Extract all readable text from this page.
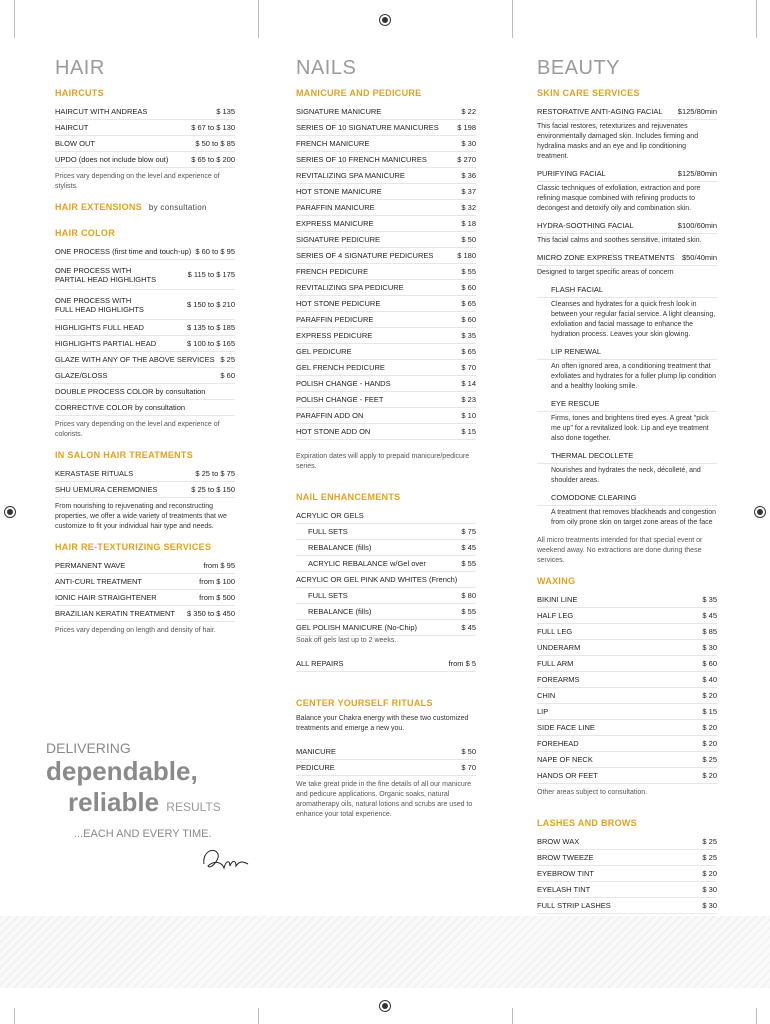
HAIR
HAIRCUTS
HAIRCUT WITH ANDREAS	$ 135
HAIRCUT	$ 67 to $ 130
BLOW OUT	$ 50 to $ 85
UPDO (does not include blow out)	$ 65 to $ 200
Prices vary depending on the level and experience of stylists.
HAIR EXTENSIONS by consultation
HAIR COLOR
ONE PROCESS (first time and touch-up) $ 60 to $ 95
ONE PROCESS WITH
PARTIAL HEAD HIGHLIGHTS	$ 115 to $ 175
ONE PROCESS WITH
FULL HEAD HIGHLIGHTS	$ 150 to $ 210
HIGHLIGHTS FULL HEAD	$ 135 to $ 185
HIGHLIGHTS PARTIAL HEAD	$ 100 to $ 165
GLAZE WITH ANY OF THE ABOVE SERVICES $ 25
GLAZE/GLOSS	$ 60
DOUBLE PROCESS COLOR by consultation
CORRECTIVE COLOR by consultation
Prices vary depending on the level and experience of colorists.
IN SALON HAIR TREATMENTS
KERASTASE RITUALS	$ 25 to $ 75
SHU UEMURA CEREMONIES	$ 25 to $ 150
From nourishing to rejuvenating and reconstructing properties, we offer a wide variety of treatments that we customize to fit your individual hair type and needs.
HAIR RE-TEXTURIZING SERVICES
PERMANENT WAVE	from $ 95
ANTI-CURL TREATMENT	from $ 100
IONIC HAIR STRAIGHTENER	from $ 500
BRAZILIAN KERATIN TREATMENT $ 350 to $ 450
Prices vary depending on length and density of hair.
DELIVERING dependable,
reliable RESULTS
...EACH AND EVERY TIME.
NAILS
MANICURE AND PEDICURE
SIGNATURE MANICURE	$ 22
SERIES OF 10 SIGNATURE MANICURES $ 198
FRENCH MANICURE	$ 30
SERIES OF 10 FRENCH MANICURES	$ 270
REVITALIZING SPA MANICURE	$ 36
HOT STONE MANICURE	$ 37
PARAFFIN MANICURE	$ 32
EXPRESS MANICURE	$ 18
SIGNATURE PEDICURE	$ 50
SERIES OF 4 SIGNATURE PEDICURES	$ 180
FRENCH PEDICURE	$ 55
REVITALIZING SPA PEDICURE	$ 60
HOT STONE PEDICURE	$ 65
PARAFFIN PEDICURE	$ 60
EXPRESS PEDICURE	$ 35
GEL PEDICURE	$ 65
GEL FRENCH PEDICURE	$ 70
POLISH CHANGE - HANDS	$ 14
POLISH CHANGE - FEET	$ 23
PARAFFIN ADD ON	$ 10
HOT STONE ADD ON	$ 15
Expiration dates will apply to prepaid manicure/pedicure series.
NAIL ENHANCEMENTS
ACRYLIC OR GELS
FULL SETS	$ 75
REBALANCE (fills)	$ 45
ACRYLIC REBALANCE w/Gel over	$ 55
ACRYLIC OR GEL PINK AND WHITES (French)
FULL SETS	$ 80
REBALANCE (fills)	$ 55
GEL POLISH MANICURE (No-Chip)	$ 45
Soak off gels last up to 2 weeks.
ALL REPAIRS	from $ 5
CENTER YOURSELF RITUALS
Balance your Chakra energy with these two customized treatments and emerge a new you.
MANICURE	$ 50
PEDICURE	$ 70
We take great pride in the fine details of all our manicure and pedicure applications. Organic soaks, natural aromatherapy oils, natural lotions and scrubs are used to enhance your total experience.
BEAUTY
SKIN CARE SERVICES
RESTORATIVE ANTI-AGING FACIAL $125/80min
This facial restores, retexturizes and rejuvenates environmentally damaged skin. Includes firming and hydralina masks and an eye and lip conditioning treatment.
PURIFYING FACIAL	$125/80min
Classic techniques of exfoliation, extraction and pore refining masque combined with refining products to decongest and detoxify oily and combination skin.
HYDRA-SOOTHING FACIAL	$100/60min
This facial calms and soothes sensitive, irritated skin.
MICRO ZONE EXPRESS TREATMENTS $50/40min
Designed to target specific areas of concern
FLASH FACIAL
Cleanses and hydrates for a quick fresh look in between your regular facial service. A light cleansing, exfoliation and facial massage to enhance the hydration process. Leaves your skin glowing.
LIP RENEWAL
An often ignored area, a conditioning treatment that exfoliates and hydrates for a fuller plump lip condition and a healthy looking smile.
EYE RESCUE
Firms, tones and brightens tired eyes. A great "pick me up" for a revitalized look. Lip and eye treatment also done together.
THERMAL DECOLLETE
Nourishes and hydrates the neck, décolleté, and shoulder areas.
COMODONE CLEARING
A treatment that removes blackheads and congestion from oily prone skin on target zone areas of the face
All micro treatments intended for that special event or weekend away. No extractions are done during these services.
WAXING
BIKINI LINE	$ 35
HALF LEG	$ 45
FULL LEG	$ 85
UNDERARM	$ 30
FULL ARM	$ 60
FOREARMS	$ 40
CHIN	$ 20
LIP	$ 15
SIDE FACE LINE	$ 20
FOREHEAD	$ 20
NAPE OF NECK	$ 25
HANDS OR FEET	$ 20
Other areas subject to consultation.
LASHES AND BROWS
BROW WAX	$ 25
BROW TWEEZE	$ 25
EYEBROW TINT	$ 20
EYELASH TINT	$ 30
FULL STRIP LASHES	$ 30
